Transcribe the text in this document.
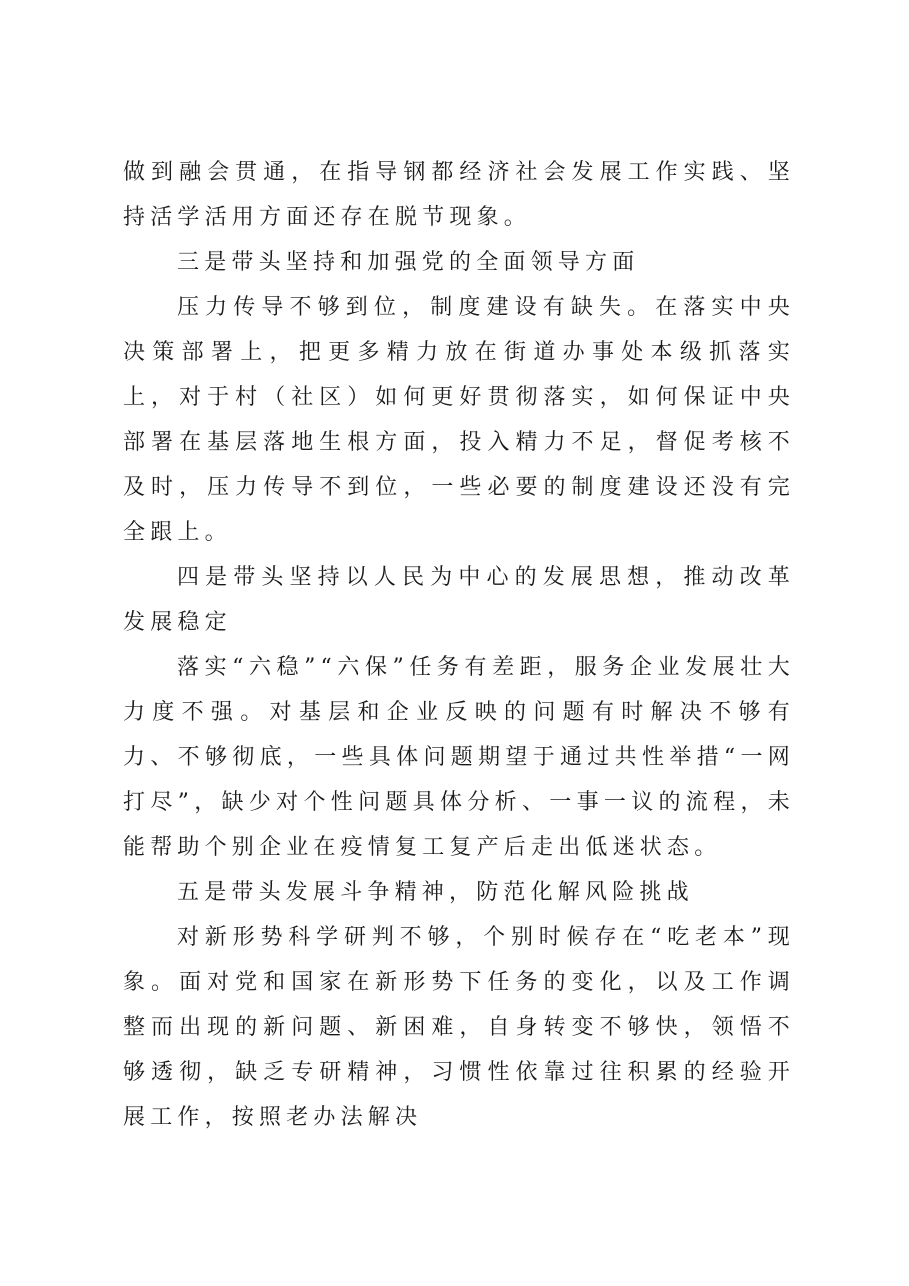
做到融会贯通，在指导钢都经济社会发展工作实践、坚持活学活用方面还存在脱节现象。

三是带头坚持和加强党的全面领导方面

压力传导不够到位，制度建设有缺失。在落实中央决策部署上，把更多精力放在街道办事处本级抓落实上，对于村（社区）如何更好贯彻落实，如何保证中央部署在基层落地生根方面，投入精力不足，督促考核不及时，压力传导不到位，一些必要的制度建设还没有完全跟上。

四是带头坚持以人民为中心的发展思想，推动改革发展稳定

落实“六稳”“六保”任务有差距，服务企业发展壮大力度不强。对基层和企业反映的问题有时解决不够有力、不够彻底，一些具体问题期望于通过共性举措“一网打尽”，缺少对个性问题具体分析、一事一议的流程，未能帮助个别企业在疫情复工复产后走出低迷状态。

五是带头发展斗争精神，防范化解风险挑战

对新形势科学研判不够，个别时候存在“吃老本”现象。面对党和国家在新形势下任务的变化，以及工作调整而出现的新问题、新困难，自身转变不够快，领悟不够透彻，缺乏专研精神，习惯性依靠过往积累的经验开展工作，按照老办法解决
